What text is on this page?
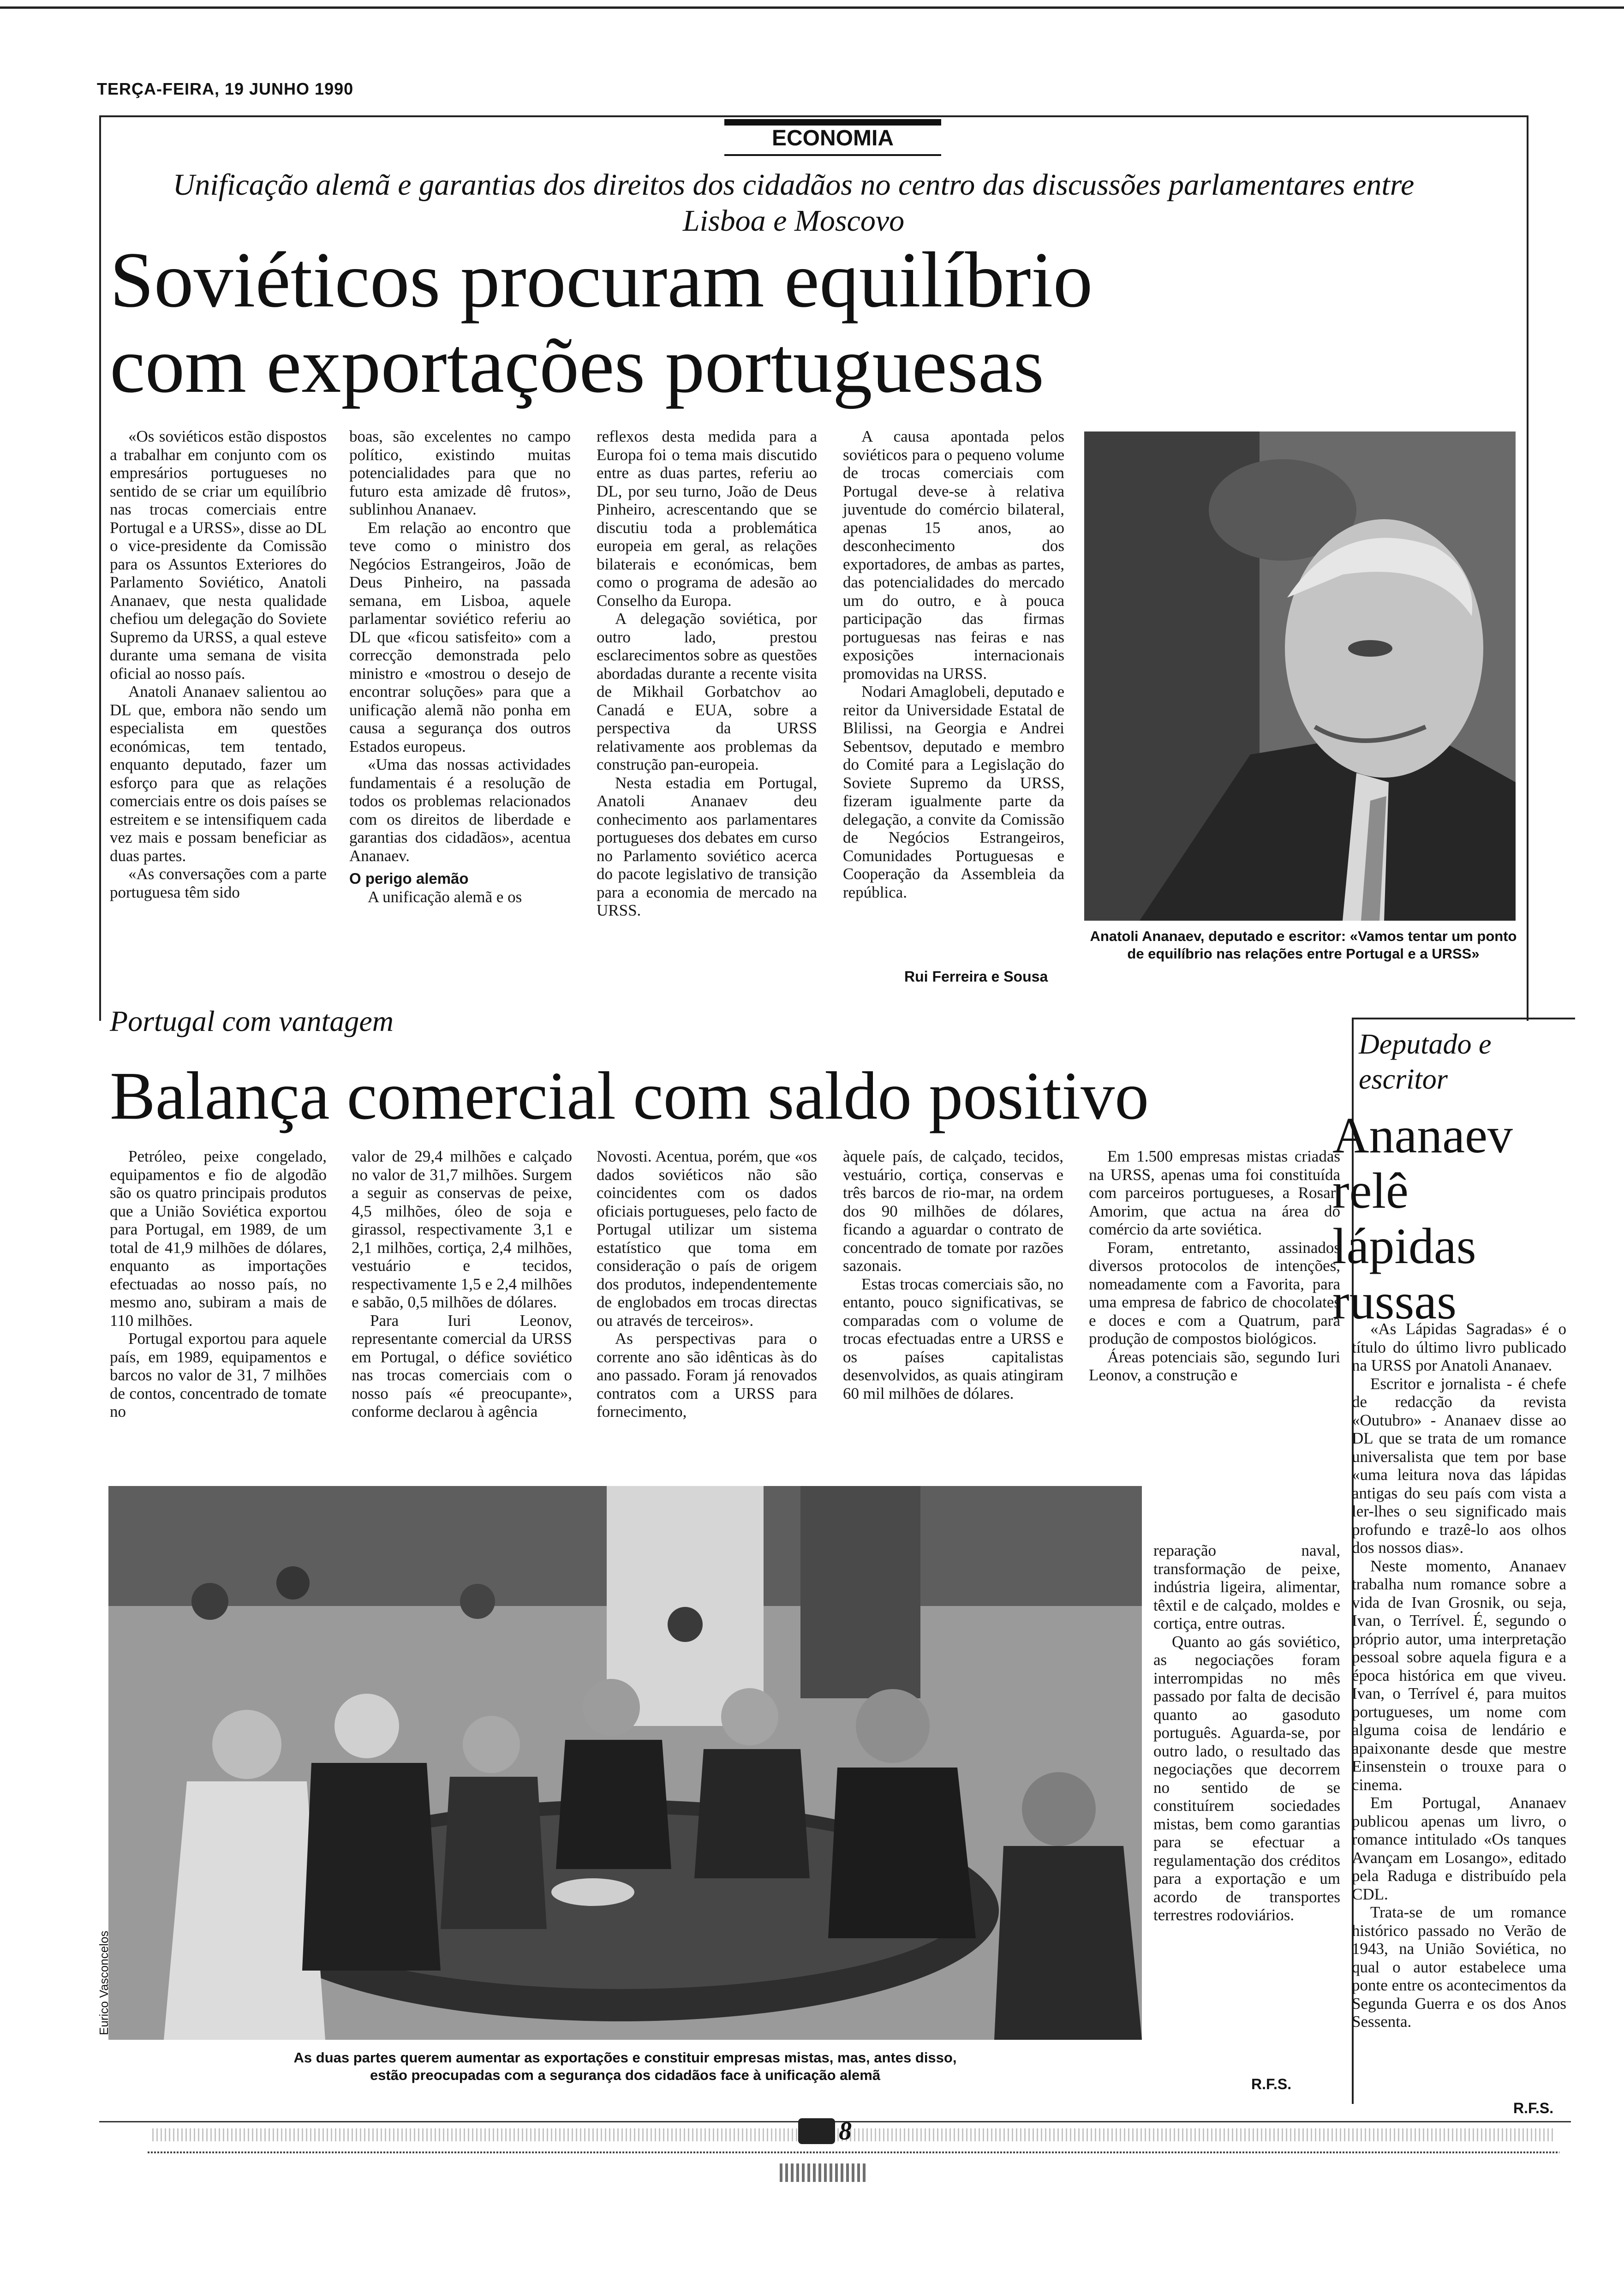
TERÇA-FEIRA, 19 JUNHO 1990
ECONOMIA
Unificação alemã e garantias dos direitos dos cidadãos no centro das discussões parlamentares entre Lisboa e Moscovo
Soviéticos procuram equilíbrio
com exportações portuguesas

«Os soviéticos estão dispostos a trabalhar em conjunto com os empresários portugueses no sentido de se criar um equilíbrio nas trocas comerciais entre Portugal e a URSS», disse ao DL o vice-presidente da Comissão para os Assuntos Exteriores do Parlamento Soviético, Anatoli Ananaev, que nesta qualidade chefiou um delegação do Soviete Supremo da URSS, a qual esteve durante uma semana de visita oficial ao nosso país.

Anatoli Ananaev salientou ao DL que, embora não sendo um especialista em questões económicas, tem tentado, enquanto deputado, fazer um esforço para que as relações comerciais entre os dois países se estreitem e se intensifiquem cada vez mais e possam beneficiar as duas partes.

«As conversações com a parte portuguesa têm sido

boas, são excelentes no campo político, existindo muitas potencialidades para que no futuro esta amizade dê frutos», sublinhou Ananaev.

Em relação ao encontro que teve como o ministro dos Negócios Estrangeiros, João de Deus Pinheiro, na passada semana, em Lisboa, aquele parlamentar soviético referiu ao DL que «ficou satisfeito» com a correcção demonstrada pelo ministro e «mostrou o desejo de encontrar soluções» para que a unificação alemã não ponha em causa a segurança dos outros Estados europeus.

«Uma das nossas actividades fundamentais é a resolução de todos os problemas relacionados com os direitos de liberdade e garantias dos cidadãos», acentua Ananaev.

O perigo alemão

A unificação alemã e os

reflexos desta medida para a Europa foi o tema mais discutido entre as duas partes, referiu ao DL, por seu turno, João de Deus Pinheiro, acrescentando que se discutiu toda a problemática europeia em geral, as relações bilaterais e económicas, bem como o programa de adesão ao Conselho da Europa.

A delegação soviética, por outro lado, prestou esclarecimentos sobre as questões abordadas durante a recente visita de Mikhail Gorbatchov ao Canadá e EUA, sobre a perspectiva da URSS relativamente aos problemas da construção pan-europeia.

Nesta estadia em Portugal, Anatoli Ananaev deu conhecimento aos parlamentares portugueses dos debates em curso no Parlamento soviético acerca do pacote legislativo de transição para a economia de mercado na URSS.

A causa apontada pelos soviéticos para o pequeno volume de trocas comerciais com Portugal deve-se à relativa juventude do comércio bilateral, apenas 15 anos, ao desconhecimento dos exportadores, de ambas as partes, das potencialidades do mercado um do outro, e à pouca participação das firmas portuguesas nas feiras e nas exposições internacionais promovidas na URSS.

Nodari Amaglobeli, deputado e reitor da Universidade Estatal de Blilissi, na Georgia e Andrei Sebentsov, deputado e membro do Comité para a Legislação do Soviete Supremo da URSS, fizeram igualmente parte da delegação, a convite da Comissão de Negócios Estrangeiros, Comunidades Portuguesas e Cooperação da Assembleia da república.

Rui Ferreira e Sousa
Anatoli Ananaev, deputado e escritor: «Vamos tentar um ponto de equilíbrio nas relações entre Portugal e a URSS»
Portugal com vantagem
Balança comercial com saldo positivo

Petróleo, peixe congelado, equipamentos e fio de algodão são os quatro principais produtos que a União Soviética exportou para Portugal, em 1989, de um total de 41,9 milhões de dólares, enquanto as importações efectuadas ao nosso país, no mesmo ano, subiram a mais de 110 milhões.

Portugal exportou para aquele país, em 1989, equipamentos e barcos no valor de 31, 7 milhões de contos, concentrado de tomate no

valor de 29,4 milhões e calçado no valor de 31,7 milhões. Surgem a seguir as conservas de peixe, 4,5 milhões, óleo de soja e girassol, respectivamente 3,1 e 2,1 milhões, cortiça, 2,4 milhões, vestuário e tecidos, respectivamente 1,5 e 2,4 milhões e sabão, 0,5 milhões de dólares.

Para Iuri Leonov, representante comercial da URSS em Portugal, o défice soviético nas trocas comerciais com o nosso país «é preocupante», conforme declarou à agência

Novosti. Acentua, porém, que «os dados soviéticos não são coincidentes com os dados oficiais portugueses, pelo facto de Portugal utilizar um sistema estatístico que toma em consideração o país de origem dos produtos, independentemente de englobados em trocas directas ou através de terceiros».

As perspectivas para o corrente ano são idênticas às do ano passado. Foram já renovados contratos com a URSS para fornecimento,

àquele país, de calçado, tecidos, vestuário, cortiça, conservas e três barcos de rio-mar, na ordem dos 90 milhões de dólares, ficando a aguardar o contrato de concentrado de tomate por razões sazonais.

Estas trocas comerciais são, no entanto, pouco significativas, se comparadas com o volume de trocas efectuadas entre a URSS e os países capitalistas desenvolvidos, as quais atingiram 60 mil milhões de dólares.

Em 1.500 empresas mistas criadas na URSS, apenas uma foi constituída com parceiros portugueses, a Rosart Amorim, que actua na área do comércio da arte soviética.

Foram, entretanto, assinados diversos protocolos de intenções, nomeadamente com a Favorita, para uma empresa de fabrico de chocolates e doces e com a Quatrum, para produção de compostos biológicos.

Áreas potenciais são, segundo Iuri Leonov, a construção e

reparação naval, transformação de peixe, indústria ligeira, alimentar, têxtil e de calçado, moldes e cortiça, entre outras.

Quanto ao gás soviético, as negociações foram interrompidas no mês passado por falta de decisão quanto ao gasoduto português. Aguarda-se, por outro lado, o resultado das negociações que decorrem no sentido de se constituírem sociedades mistas, bem como garantias para se efectuar a regulamentação dos créditos para a exportação e um acordo de transportes terrestres rodoviários.

R.F.S.
Eurico Vasconcelos
As duas partes querem aumentar as exportações e constituir empresas mistas, mas, antes disso,
estão preocupadas com a segurança dos cidadãos face à unificação alemã
Deputado e escritor
Ananaev relê lápidas russas

«As Lápidas Sagradas» é o título do último livro publicado na URSS por Anatoli Ananaev.

Escritor e jornalista - é chefe de redacção da revista «Outubro» - Ananaev disse ao DL que se trata de um romance universalista que tem por base «uma leitura nova das lápidas antigas do seu país com vista a ler-lhes o seu significado mais profundo e trazê-lo aos olhos dos nossos dias».

Neste momento, Ananaev trabalha num romance sobre a vida de Ivan Grosnik, ou seja, Ivan, o Terrível. É, segundo o próprio autor, uma interpretação pessoal sobre aquela figura e a época histórica em que viveu. Ivan, o Terrível é, para muitos portugueses, um nome com alguma coisa de lendário e apaixonante desde que mestre Einsenstein o trouxe para o cinema.

Em Portugal, Ananaev publicou apenas um livro, o romance intitulado «Os tanques Avançam em Losango», editado pela Raduga e distribuído pela CDL.

Trata-se de um romance histórico passado no Verão de 1943, na União Soviética, no qual o autor estabelece uma ponte entre os acontecimentos da Segunda Guerra e os dos Anos Sessenta.

R.F.S.
8
